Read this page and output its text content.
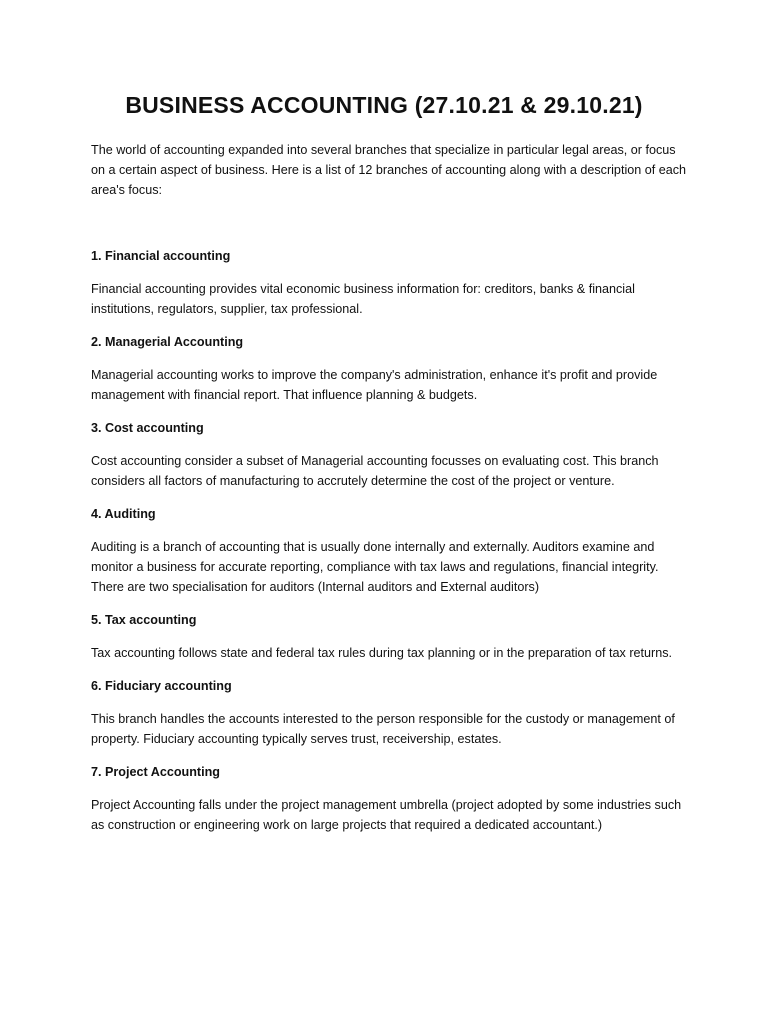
BUSINESS ACCOUNTING (27.10.21 & 29.10.21)

The world of accounting expanded into several branches that specialize in particular legal areas, or focus on a certain aspect of business. Here is a list of 12 branches of accounting along with a description of each area's focus:

1. Financial accounting

Financial accounting provides vital economic business information for: creditors, banks & financial institutions, regulators, supplier, tax professional.

2. Managerial Accounting

Managerial accounting works to improve the company's administration, enhance it's profit and provide management with financial report. That influence planning & budgets.

3. Cost accounting

Cost accounting consider a subset of Managerial accounting focusses on evaluating cost. This branch considers all factors of manufacturing to accrutely determine the cost of the project or venture.

4. Auditing

Auditing is a branch of accounting that is usually done internally and externally. Auditors examine and monitor a business for accurate reporting, compliance with tax laws and regulations, financial integrity. There are two specialisation for auditors (Internal auditors and External auditors)

5. Tax accounting

Tax accounting follows state and federal tax rules during tax planning or in the preparation of tax returns.

6. Fiduciary accounting

This branch handles the accounts interested to the person responsible for the custody or management of property. Fiduciary accounting typically serves trust, receivership, estates.

7. Project Accounting

Project Accounting falls under the project management umbrella (project adopted by some industries such as construction or engineering work on large projects that required a dedicated accountant.)
